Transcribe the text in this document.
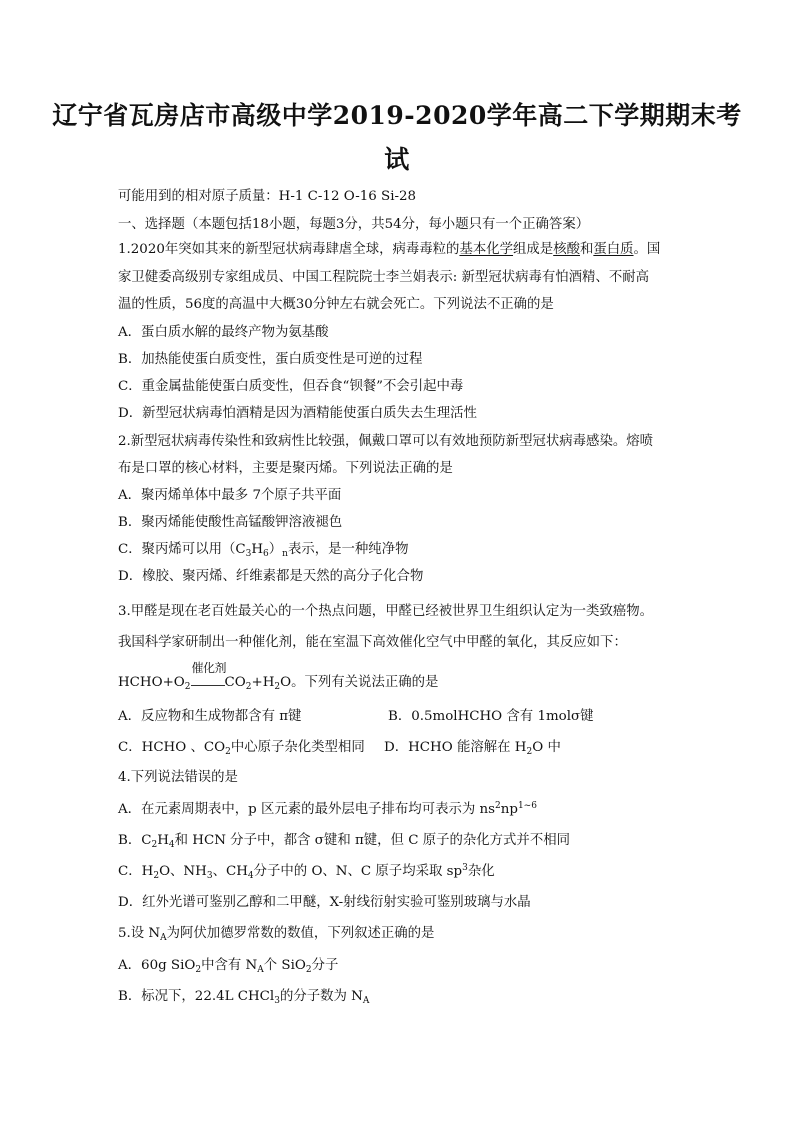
辽宁省瓦房店市高级中学2019-2020学年高二下学期期末考
试
可能用到的相对原子质量：H-1 C-12 O-16 Si-28
一、选择题（本题包括18小题，每题3分，共54分，每小题只有一个正确答案）
1.2020年突如其来的新型冠状病毒肆虐全球，病毒毒粒的基本化学组成是核酸和蛋白质。国
家卫健委高级别专家组成员、中国工程院院士李兰娟表示: 新型冠状病毒有怕酒精、不耐高
温的性质，56度的高温中大概30分钟左右就会死亡。下列说法不正确的是
A．蛋白质水解的最终产物为氨基酸
B．加热能使蛋白质变性，蛋白质变性是可逆的过程
C．重金属盐能使蛋白质变性，但吞食“钡餐”不会引起中毒
D．新型冠状病毒怕酒精是因为酒精能使蛋白质失去生理活性
2.新型冠状病毒传染性和致病性比较强，佩戴口罩可以有效地预防新型冠状病毒感染。熔喷
布是口罩的核心材料，主要是聚丙烯。下列说法正确的是
A．聚丙烯单体中最多 7个原子共平面
B．聚丙烯能使酸性高锰酸钾溶液褪色
C．聚丙烯可以用$(C_3H_6)_n$表示，是一种纯净物
D．橡胶、聚丙烯、纤维素都是天然的高分子化合物
3.甲醛是现在老百姓最关心的一个热点问题，甲醛已经被世界卫生组织认定为一类致癌物。
我国科学家研制出一种催化剂，能在室温下高效催化空气中甲醛的氧化，其反应如下：
$HCHO+O_2$
催化剂
$CO_2+H_2O$。下列有关说法正确的是
A．反应物和生成物都含有 π键	B．0.5molHCHO 含有 1molσ键
C．HCHO 、$CO_2$中心原子杂化类型相同 D．HCHO 能溶解在 $H_2O$ 中
4.下列说法错误的是
A．在元素周期表中，p 区元素的最外层电子排布均可表示为 $ns^2np^{1\sim 6}$
B．$C_2H_4$和 HCN 分子中，都含 σ键和 π键，但 C 原子的杂化方式并不相同
C．$H_2O$、$NH_3$、$CH_4$分子中的 O、N、C 原子均采取 $sp^3$杂化
D．红外光谱可鉴别乙醇和二甲醚，X-射线衍射实验可鉴别玻璃与水晶
5.设 $N_A$为阿伏加德罗常数的数值，下列叙述正确的是
A．60g SiO$_2$中含有 $N_A$个 SiO$_2$分子
B．标况下，22.4L CHCl$_3$的分子数为 $N_A$
